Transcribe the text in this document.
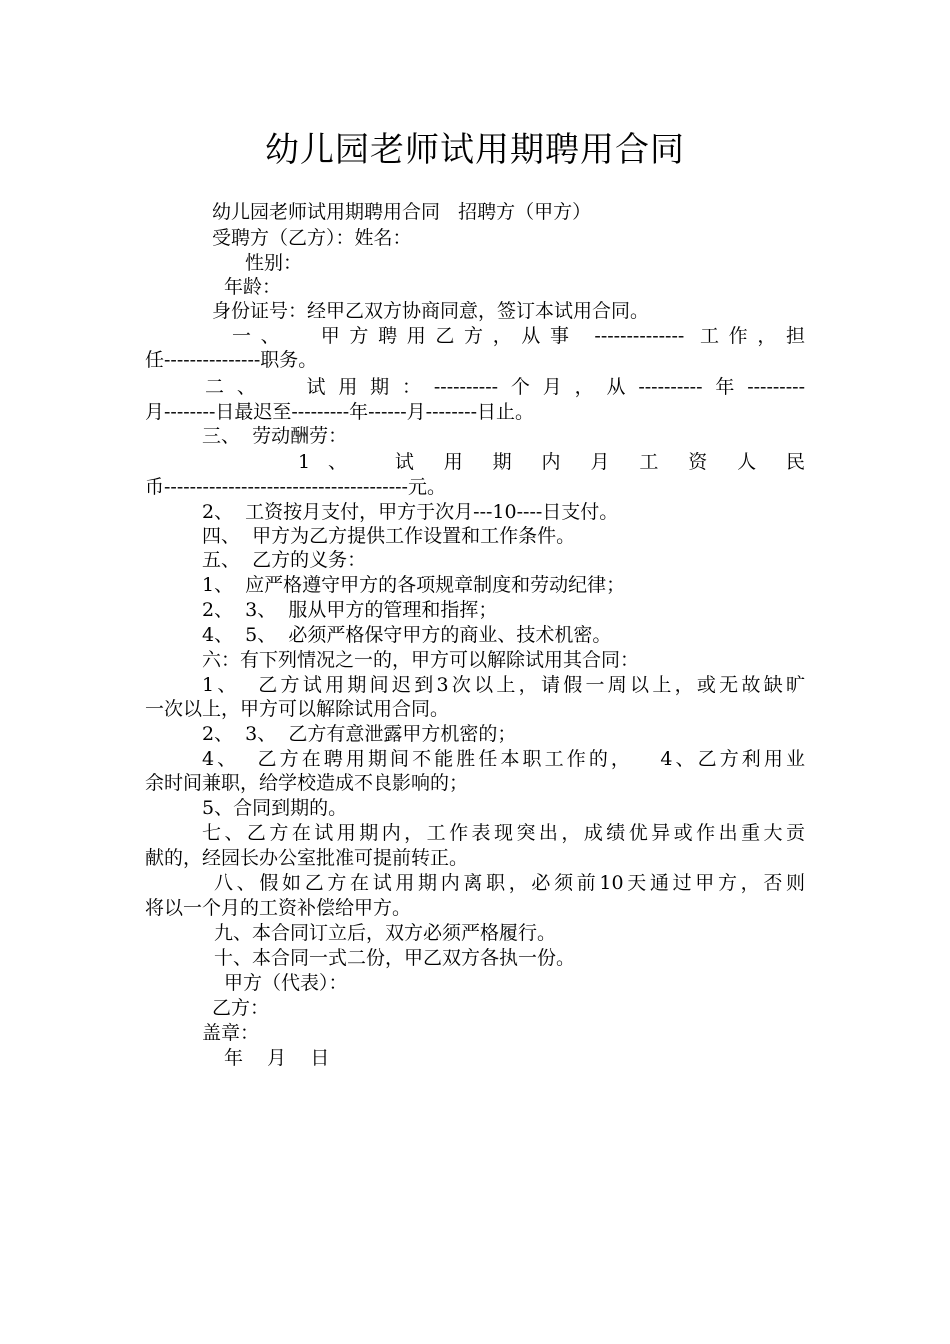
幼儿园老师试用期聘用合同
幼儿园老师试用期聘用合同   招聘方（甲方）
受聘方（乙方）：姓名：
性别：
年龄：
身份证号：经甲乙双方协商同意，签订本试用合同。
一、  甲方聘用乙方，从事 -------------- 工作，担
任---------------职务。
二、  试用期：----------个月，从----------年---------
月--------日最迟至---------年------月--------日止。
三、  劳动酬劳：
1 、  试 用 期 内 月 工 资 人 民
币--------------------------------------元。
2、  工资按月支付，甲方于次月---10----日支付。
四、  甲方为乙方提供工作设置和工作条件。
五、  乙方的义务：
1、  应严格遵守甲方的各项规章制度和劳动纪律；
2、  3、  服从甲方的管理和指挥；
4、  5、  必须严格保守甲方的商业、技术机密。
六：有下列情况之一的，甲方可以解除试用其合同：
1、  乙方试用期间迟到3次以上，请假一周以上，或无故缺旷
一次以上，甲方可以解除试用合同。
2、  3、  乙方有意泄露甲方机密的；
4、  乙方在聘用期间不能胜任本职工作的，   4、乙方利用业
余时间兼职，给学校造成不良影响的；
5、合同到期的。
七、乙方在试用期内，工作表现突出，成绩优异或作出重大贡
献的，经园长办公室批准可提前转正。
八、假如乙方在试用期内离职，必须前10天通过甲方，否则
将以一个月的工资补偿给甲方。
九、本合同订立后，双方必须严格履行。
十、本合同一式二份，甲乙双方各执一份。
甲方（代表）：
乙方：
盖章：
年    月    日
